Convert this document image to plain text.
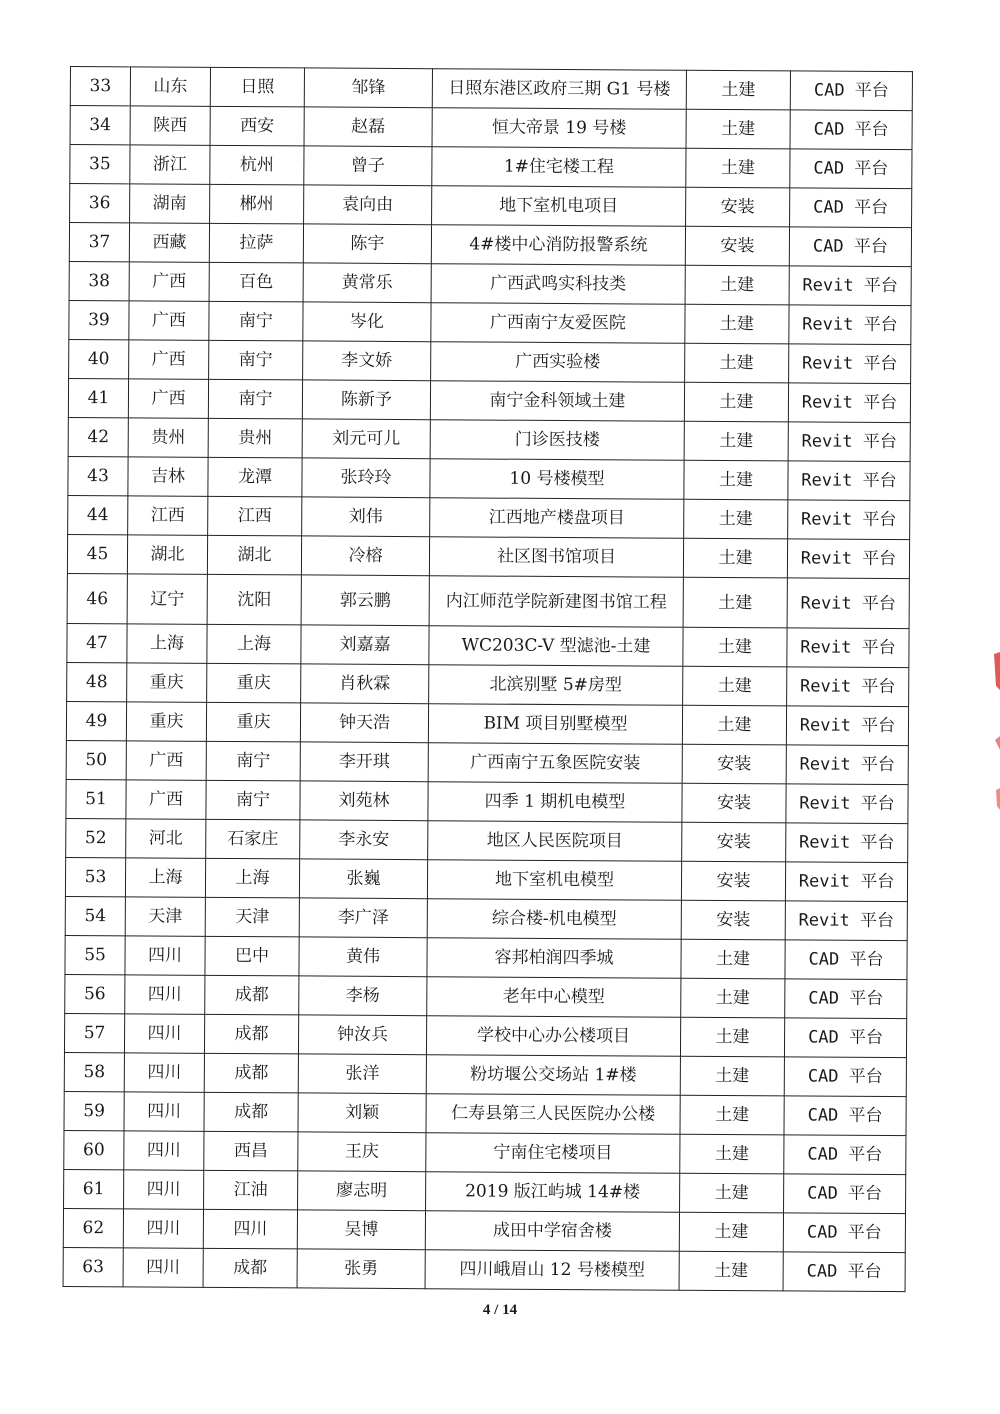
33	山东	日照	邹锋	日照东港区政府三期 G1 号楼	土建	CAD 平台
34	陕西	西安	赵磊	恒大帝景 19 号楼	土建	CAD 平台
35	浙江	杭州	曾子	1#住宅楼工程	土建	CAD 平台
36	湖南	郴州	袁向由	地下室机电项目	安装	CAD 平台
37	西藏	拉萨	陈宇	4#楼中心消防报警系统	安装	CAD 平台
38	广西	百色	黄常乐	广西武鸣实科技类	土建	Revit 平台
39	广西	南宁	岑化	广西南宁友爱医院	土建	Revit 平台
40	广西	南宁	李文娇	广西实验楼	土建	Revit 平台
41	广西	南宁	陈新予	南宁金科领域土建	土建	Revit 平台
42	贵州	贵州	刘元可儿	门诊医技楼	土建	Revit 平台
43	吉林	龙潭	张玲玲	10 号楼模型	土建	Revit 平台
44	江西	江西	刘伟	江西地产楼盘项目	土建	Revit 平台
45	湖北	湖北	冷榕	社区图书馆项目	土建	Revit 平台
46	辽宁	沈阳	郭云鹏	内江师范学院新建图书馆工程	土建	Revit 平台
47	上海	上海	刘嘉嘉	WC203C-V 型滤池-土建	土建	Revit 平台
48	重庆	重庆	肖秋霖	北滨别墅 5#房型	土建	Revit 平台
49	重庆	重庆	钟天浩	BIM 项目别墅模型	土建	Revit 平台
50	广西	南宁	李开琪	广西南宁五象医院安装	安装	Revit 平台
51	广西	南宁	刘苑林	四季 1 期机电模型	安装	Revit 平台
52	河北	石家庄	李永安	地区人民医院项目	安装	Revit 平台
53	上海	上海	张巍	地下室机电模型	安装	Revit 平台
54	天津	天津	李广泽	综合楼-机电模型	安装	Revit 平台
55	四川	巴中	黄伟	容邦柏润四季城	土建	CAD 平台
56	四川	成都	李杨	老年中心模型	土建	CAD 平台
57	四川	成都	钟汝兵	学校中心办公楼项目	土建	CAD 平台
58	四川	成都	张洋	粉坊堰公交场站 1#楼	土建	CAD 平台
59	四川	成都	刘颖	仁寿县第三人民医院办公楼	土建	CAD 平台
60	四川	西昌	王庆	宁南住宅楼项目	土建	CAD 平台
61	四川	江油	廖志明	2019 版江屿城 14#楼	土建	CAD 平台
62	四川	四川	吴博	成田中学宿舍楼	土建	CAD 平台
63	四川	成都	张勇	四川峨眉山 12 号楼模型	土建	CAD 平台
4 / 14
